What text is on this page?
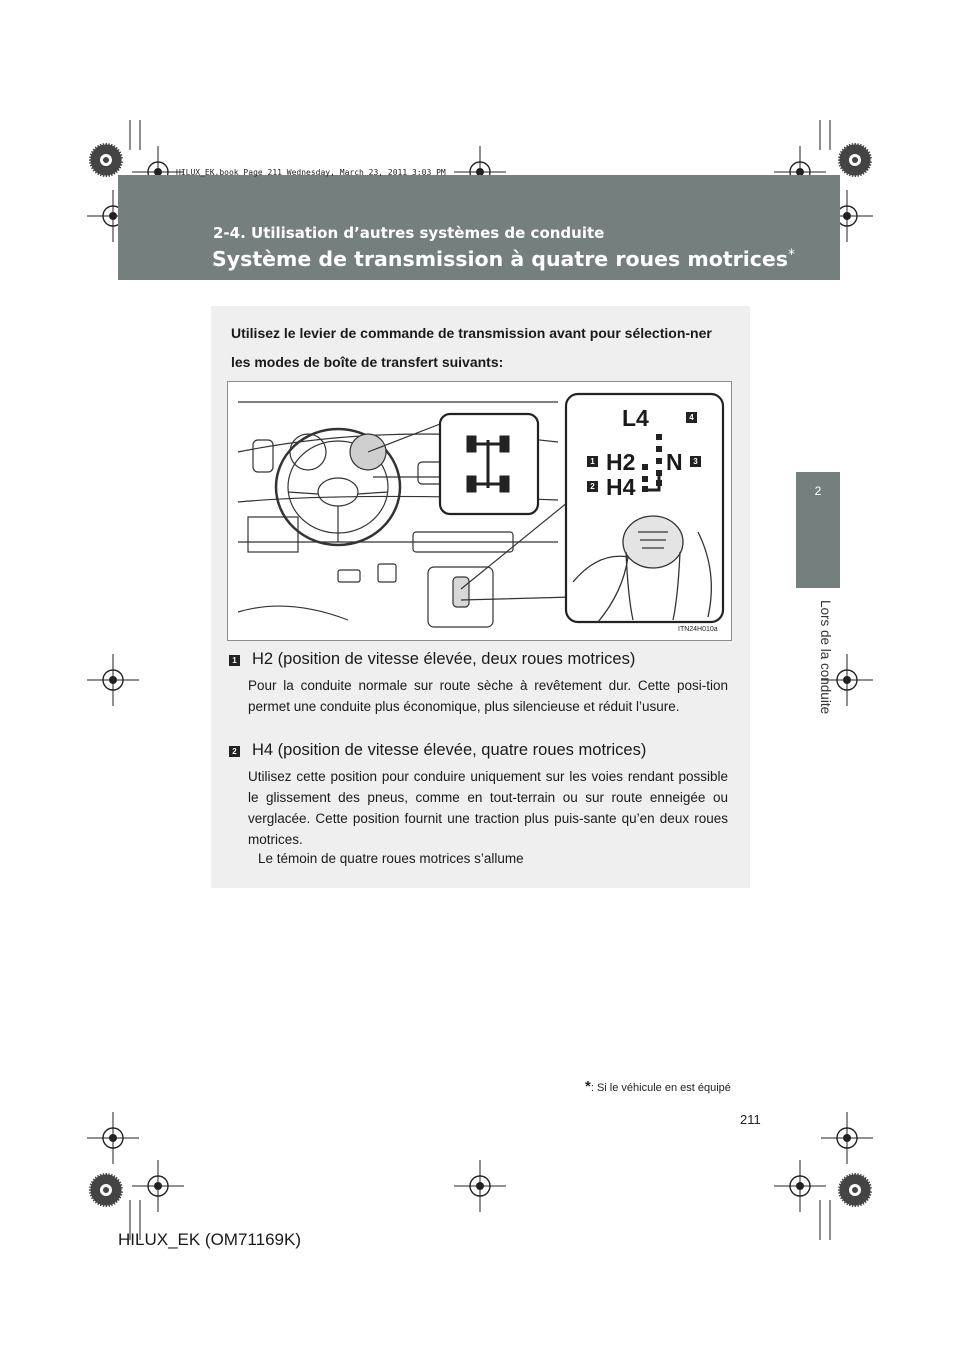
HILUX_EK.book Page 211 Wednesday, March 23, 2011 3:03 PM
2-4. Utilisation d’autres systèmes de conduite
Système de transmission à quatre roues motrices*
2
Lors de la conduite
Utilisez le levier de commande de transmission avant pour sélection-ner les modes de boîte de transfert suivants:
L4	4
1 H2 N	3
2 H4
ITN24H010a
1 H2 (position de vitesse élevée, deux roues motrices)
Pour la conduite normale sur route sèche à revêtement dur. Cette posi-tion permet une conduite plus économique, plus silencieuse et réduit l’usure.
2 H4 (position de vitesse élevée, quatre roues motrices)
Utilisez cette position pour conduire uniquement sur les voies rendant possible le glissement des pneus, comme en tout-terrain ou sur route enneigée ou verglacée. Cette position fournit une traction plus puis-sante qu’en deux roues motrices.
Le témoin de quatre roues motrices s’allume
*: Si le véhicule en est équipé
211
HILUX_EK (OM71169K)
